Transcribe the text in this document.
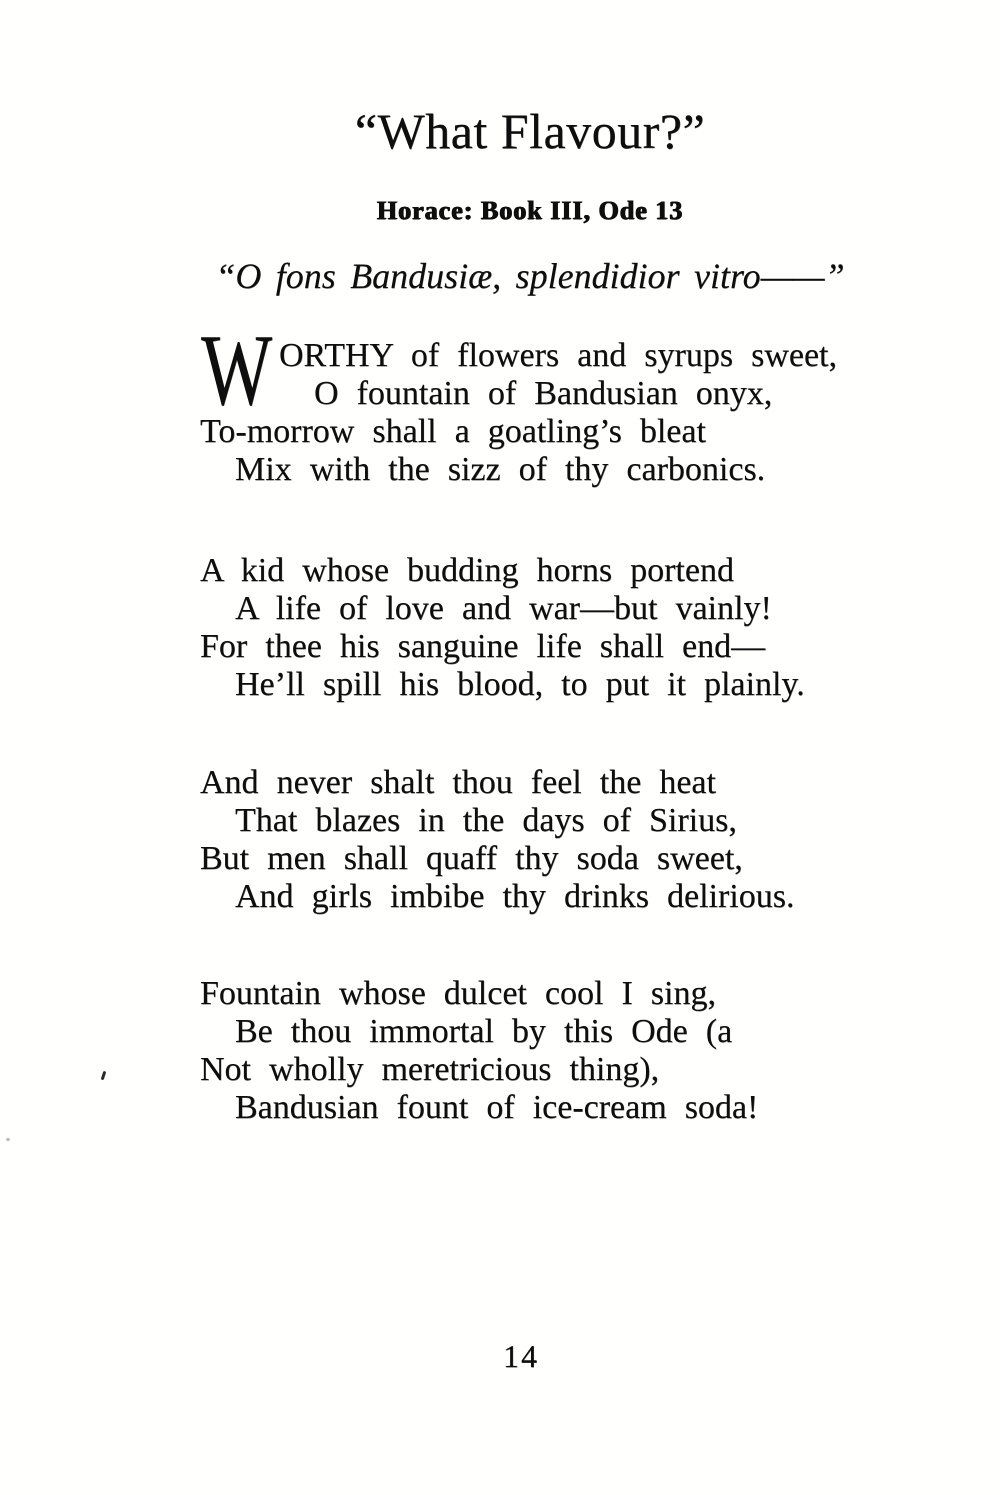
“What Flavour?”
Horace: Book III, Ode 13
“O fons Bandusiæ, splendidior vitro——”
W ORTHY of flowers and syrups sweet,
O fountain of Bandusian onyx,
To-morrow shall a goatling’s bleat
Mix with the sizz of thy carbonics.
A kid whose budding horns portend
A life of love and war—but vainly!
For thee his sanguine life shall end—
He’ll spill his blood, to put it plainly.
And never shalt thou feel the heat
That blazes in the days of Sirius,
But men shall quaff thy soda sweet,
And girls imbibe thy drinks delirious.
Fountain whose dulcet cool I sing,
Be thou immortal by this Ode (a
Not wholly meretricious thing),
Bandusian fount of ice-cream soda!
14
